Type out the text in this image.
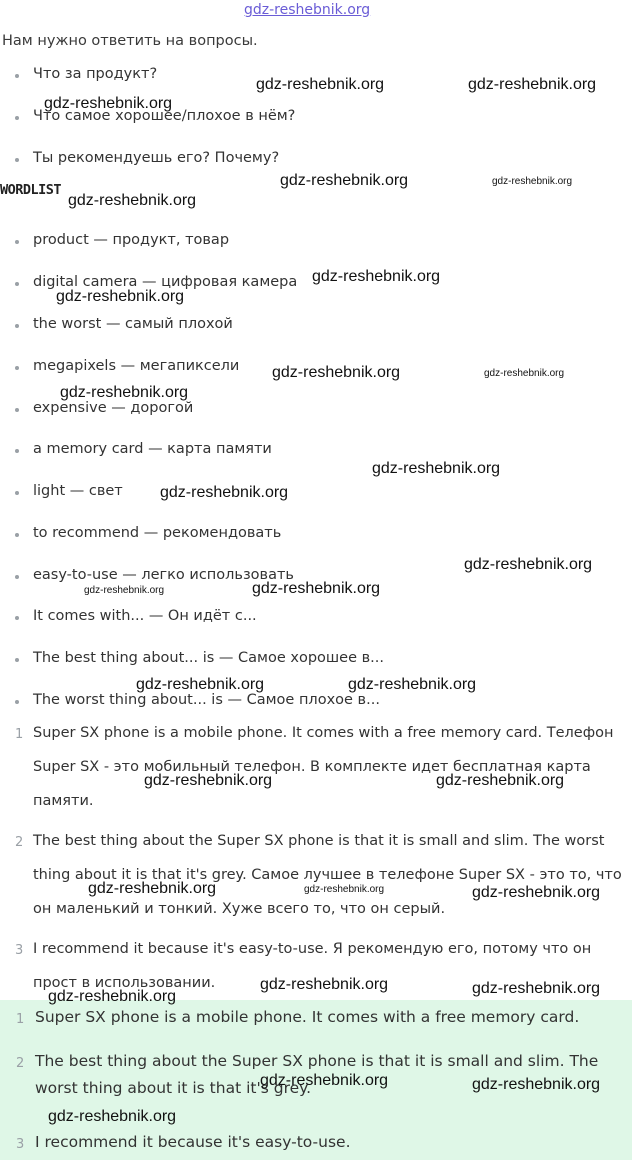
gdz-reshebnik.org
Нам нужно ответить на вопросы.
Что за продукт?
Что самое хорошее/плохое в нём?
Ты рекомендуешь его? Почему?
WORDLIST
product — продукт, товар
digital camera — цифровая камера
the worst — самый плохой
megapixels — мегапиксели
expensive — дорогой
a memory card — карта памяти
light — свет
to recommend — рекомендовать
easy-to-use — легко использовать
It comes with... — Он идёт с...
The best thing about... is — Самое хорошее в...
The worst thing about... is — Самое плохое в...
1 Super SX phone is a mobile phone. It comes with a free memory card. Телефон Super SX - это мобильный телефон. В комплекте идет бесплатная карта памяти.
2 The best thing about the Super SX phone is that it is small and slim. The worst thing about it is that it's grey. Самое лучшее в телефоне Super SX - это то, что он маленький и тонкий. Хуже всего то, что он серый.
3 I recommend it because it's easy-to-use. Я рекомендую его, потому что он прост в использовании.
1 Super SX phone is a mobile phone. It comes with a free memory card.
2 The best thing about the Super SX phone is that it is small and slim. The worst thing about it is that it's grey.
3 I recommend it because it's easy-to-use.
gdz-reshebnik.org	gdz-reshebnik.org
gdz-reshebnik.org
gdz-reshebnik.org	gdz-reshebnik.org
gdz-reshebnik.org
gdz-reshebnik.org
gdz-reshebnik.org
gdz-reshebnik.org	gdz-reshebnik.org
gdz-reshebnik.org
gdz-reshebnik.org
gdz-reshebnik.org
gdz-reshebnik.org
gdz-reshebnik.org	gdz-reshebnik.org
gdz-reshebnik.org	gdz-reshebnik.org
gdz-reshebnik.org	gdz-reshebnik.org
gdz-reshebnik.org	gdz-reshebnik.org	gdz-reshebnik.org
gdz-reshebnik.org	gdz-reshebnik.org
gdz-reshebnik.org
gdz-reshebnik.org	gdz-reshebnik.org
gdz-reshebnik.org
